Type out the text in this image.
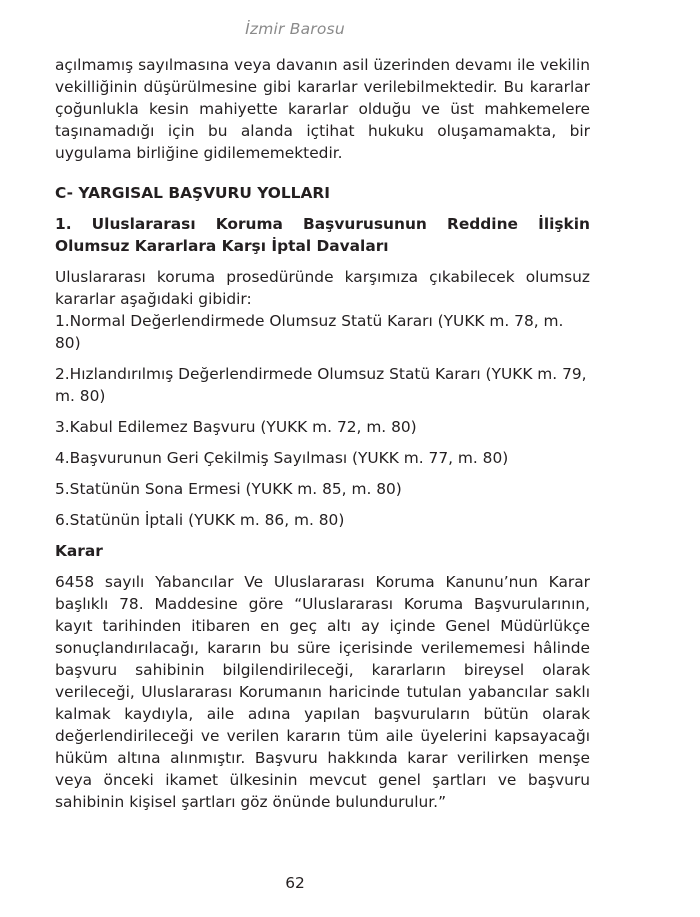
İzmir Barosu

açılmamış sayılmasına veya davanın asil üzerinden devamı ile vekilin vekilliğinin düşürülmesine gibi kararlar verilebilmektedir. Bu kararlar çoğunlukla kesin mahiyette kararlar olduğu ve üst mahkemelere taşınamadığı için bu alanda içtihat hukuku oluşamamakta, bir uygulama birliğine gidilememektedir.

C- YARGISAL BAŞVURU YOLLARI

1. Uluslararası Koruma Başvurusunun Reddine İlişkin Olumsuz Kararlara Karşı İptal Davaları

Uluslararası koruma prosedüründe karşımıza çıkabilecek olumsuz kararlar aşağıdaki gibidir:

1.Normal Değerlendirmede Olumsuz Statü Kararı (YUKK m. 78, m. 80)
2.Hızlandırılmış Değerlendirmede Olumsuz Statü Kararı (YUKK m. 79, m. 80)
3.Kabul Edilemez Başvuru (YUKK m. 72, m. 80)
4.Başvurunun Geri Çekilmiş Sayılması (YUKK m. 77, m. 80)
5.Statünün Sona Ermesi (YUKK m. 85, m. 80)
6.Statünün İptali (YUKK m. 86, m. 80)

Karar

6458 sayılı Yabancılar Ve Uluslararası Koruma Kanunu’nun Karar başlıklı 78. Maddesine göre “Uluslararası Koruma Başvurularının, kayıt tarihinden itibaren en geç altı ay içinde Genel Müdürlükçe sonuçlandırılacağı, kararın bu süre içerisinde verilememesi hâlinde başvuru sahibinin bilgilendirileceği, kararların bireysel olarak verileceği, Uluslararası Korumanın haricinde tutulan yabancılar saklı kalmak kaydıyla, aile adına yapılan başvuruların bütün olarak değerlendirileceği ve verilen kararın tüm aile üyelerini kapsayacağı hüküm altına alınmıştır. Başvuru hakkında karar verilirken menşe veya önceki ikamet ülkesinin mevcut genel şartları ve başvuru sahibinin kişisel şartları göz önünde bulundurulur.”

62
